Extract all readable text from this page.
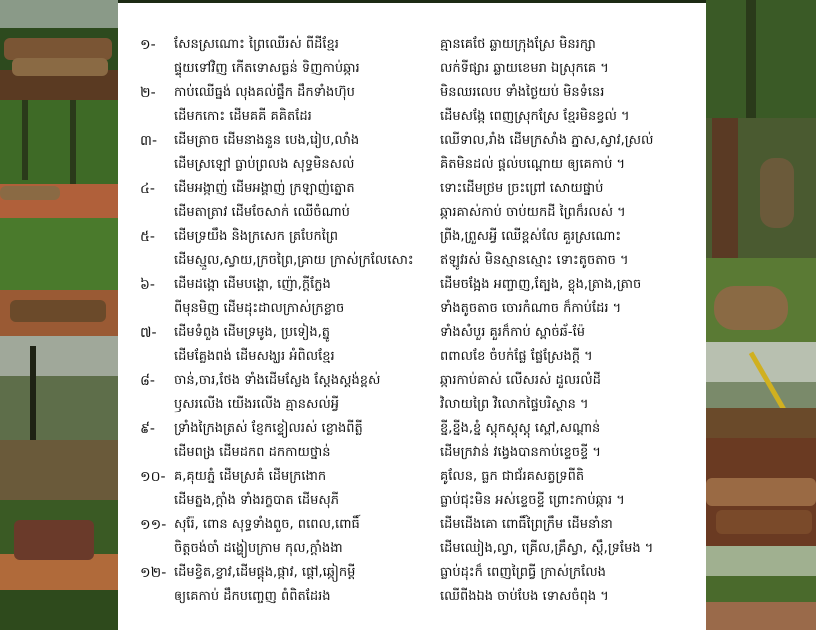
១-	សែនស្រណោះ ព្រៃឈើរស់ ពីដីខ្មែរ
ផ្ទុយទៅវិញ កើតទោសធ្ងន់ ទិញកាប់ឆ្ការ
គ្មានគេថែ ឆ្លាយក្រុងស្រែ មិនរក្សា
លក់ទីផ្សារ ឆ្លាយខេមរា ឯស្រុកគេ ។
២-	កាប់ឈើធ្នង់ លុងគល់ផ្ទឹក ដឹកទាំងហ៊ុប
ដើមកកោះ ដើមគគី គគិតដែរ
មិនឈរលេប ទាំងថ្ងៃយប់ មិនទំនេរ
ដើមសង្កែ ពេញស្រុកស្រែ ខ្មែរមិនខ្វល់ ។
៣-	ដើមត្រាច ដើមនាងនួន បេង,រៀប,លាំង
ដើមស្រឡៅ ធ្លាប់ព្រលង សុទ្ធមិនសល់
ឈើទាល,រាំង ដើមក្រសាំង ភ្នាស,ស្វាវ,ស្រល់
គិតមិនដល់ ផ្តល់បណ្តោយ ឲ្យគេកាប់ ។
៤-	ដើមអង្កាញ់ ដើមអង្គាញ់ ក្រឡាញ់ត្នោត
ដើមតាត្រាវ ដើមចែសាក់ ឈើចំណាប់
ទោះដើមថ្រម ច្រះព្រៅ សោយផ្នាប់
ឆ្ការគាស់កាប់ ចាប់យកដី ព្រៃក៏រលស់ ។
៥-	ដើមទ្រយឹង និងក្រសេក ត្របែកព្រៃ
ដើមស្មួល,ស្វាយ,ក្រចព្រៃ,គ្រាយ ក្រាស់ក្រលែសោះ
ព្រីង,ព្រួសអ្វី ឈើខ្ពស់លែ គួរស្រណោះ
ឥឡូវរស់ មិនស្មានស្មោះ ទោះតូចតាច ។
៦-	ដើមដង្កោ ដើមបង្គោ, ញ៉ោ,ក្ដីក្លែង
ពីមុនមិញ ដើមដុះដាលក្រាស់ក្រខ្លាច
ដើមចង្អែង អញ្ចាញ,ត្បែង, ខ្លុង,ត្រាង,ត្រាច
ទាំងតូចតាច ចោរកំណាច ក៏កាប់ដែរ ។
៧-	ដើមទំពួង ដើមទ្រមូង, ប្រទៀង,ត្នូ
ដើមគ្លែងពង់ ដើមសង្ឃរ អំពិលខ្មែរ
ទាំងសំបួរ គួរក៏កាប់ ស្ពាច់ឆ័-ម៉ែ
ពពាលខែ ចំបក់ផ្លែ ផ្លែស្រែងក្តី ។
៨-	ចាន់,ចារ,ថែង ទាំងដើមស្លែង ស្តែងស្គង់ខ្ពស់
ឫសរលើង យើងរលើង គ្មានសល់អ្វី
ឆ្ការកាប់គាស់ លើសរស់ ដួលរលំដី
វិលាយព្រៃ វិលោកផ្ទៃបរិស្ថាន ។
៩-	ទ្រាំងក្រៃងត្រស់ ខ្ញែកខ្ទៀលរស់ ខ្លោងពីត្លី
ដើមពង្រ ដើមដកព ដកកាយថ្នាន់
ខ្នី,ខ្នីង,ខ្នំ ស្ដុកស្ដុស្ដុ ស្ពៅ,សណ្ដាន់
ដើមក្រវាន់ វង្វេងបានកាប់ខ្ទេចខ្ទី ។
១០- គ,គុយភ្នំ ដើមស្រគំ ដើមក្រងោក
ដើមត្នង,ក្ដាំង ទាំងរក្ខបាត ដើមសុភី
គូលែន, ធ្លក ជាជ័រគសត្វទ្រពីតិ
ធ្លាប់ជុះមិន អស់ខ្ទេចខ្ទី ព្រោះកាប់ឆ្ការ ។
១១- សុរ៉ែ, ពោន សុទ្ធទាំងពួច, ពពេល,ពោធិ៍
ចិត្តចង់ចាំ ដង្ហៀបក្រាម កុល,ក្ដាំងងា
ដើមដើងគោ ពោធិ៍ព្រៃក្រឹម ដើមនាំនា
ដើមឈៀង,ល្វា, គ្រើល,គ្រឹស្វា, ស្តឹ,ទ្រមែង ។
១២- ដើមខ្វិត,ខ្វាវ,ដើមផ្តុង,ផ្កាវ, ផ្តៅ,ឆ្កៀកម្ដី
ឲ្យគេកាប់ ដឹកបញ្ចេញ ពំពិតដែរង
ធ្លាប់ដុះក៏ ពេញព្រៃធ្វី ក្រាស់ក្រលែង
ឈើពីងឯង ចាប់បែង ទោសចំពុង ។
